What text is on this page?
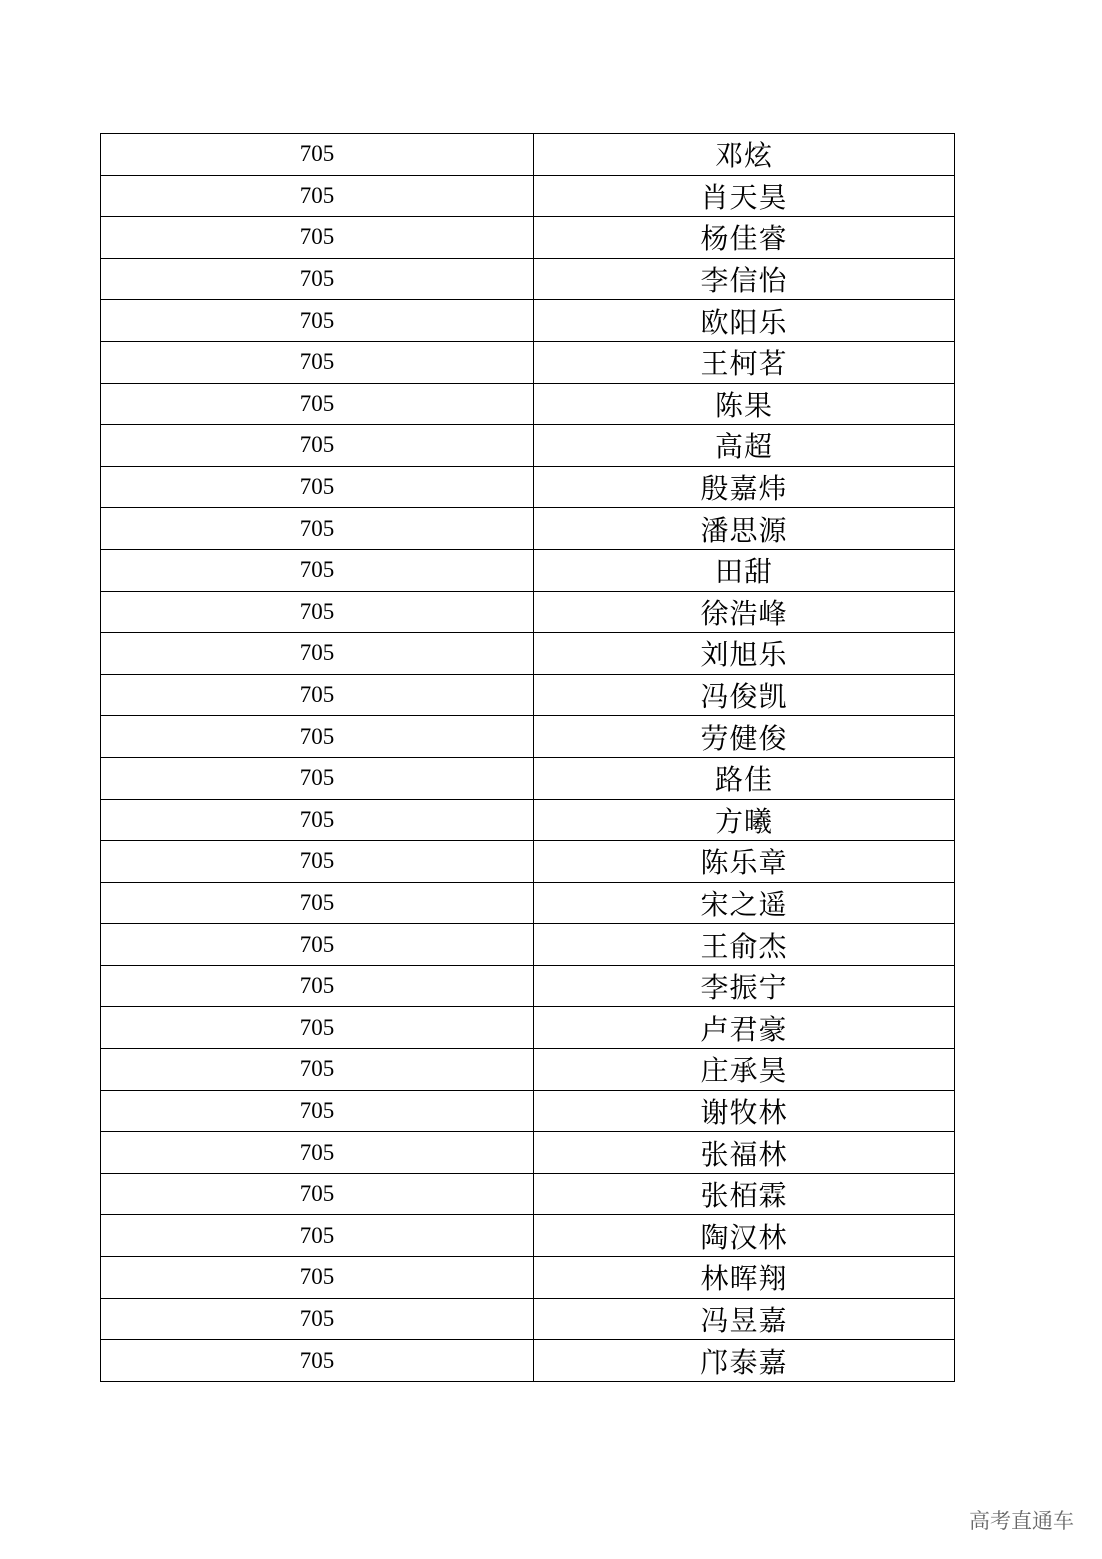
705	邓炫
705	肖天昊
705	杨佳睿
705	李信怡
705	欧阳乐
705	王柯茗
705	陈果
705	高超
705	殷嘉炜
705	潘思源
705	田甜
705	徐浩峰
705	刘旭乐
705	冯俊凯
705	劳健俊
705	路佳
705	方曦
705	陈乐章
705	宋之遥
705	王俞杰
705	李振宁
705	卢君豪
705	庄承昊
705	谢牧林
705	张福林
705	张栢霖
705	陶汉林
705	林晖翔
705	冯昱嘉
705	邝泰嘉
高考直通车
